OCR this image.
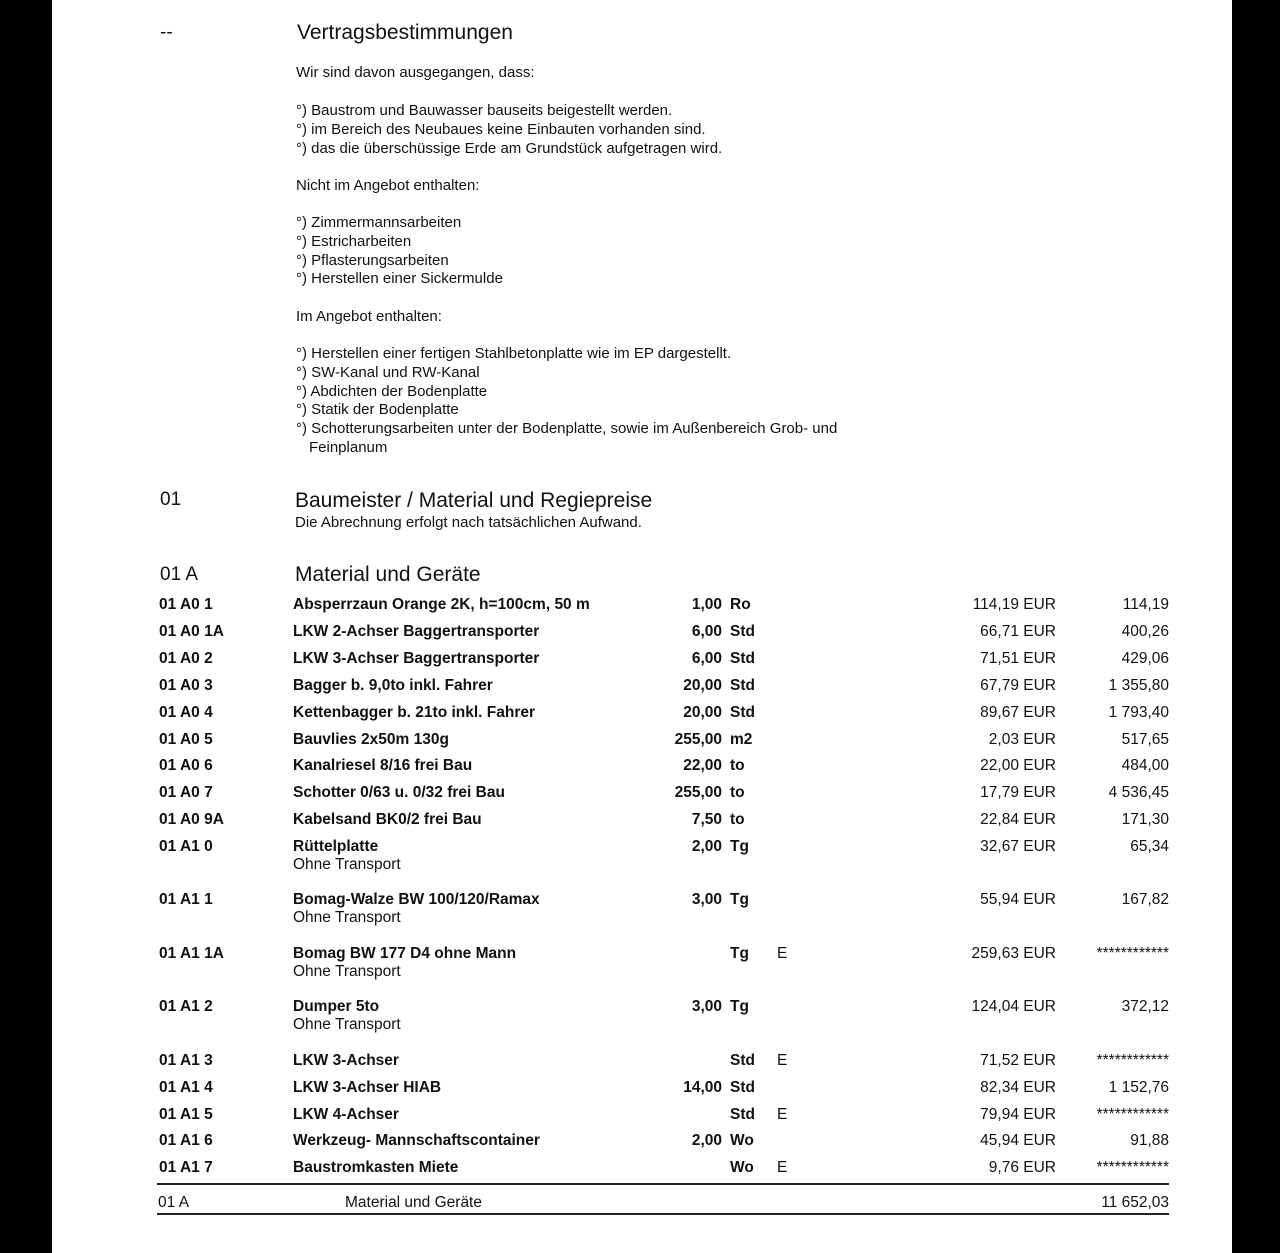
--	Vertragsbestimmungen
Wir sind davon ausgegangen, dass:
°) Baustrom und Bauwasser bauseits beigestellt werden.
°) im Bereich des Neubaues keine Einbauten vorhanden sind.
°) das die überschüssige Erde am Grundstück aufgetragen wird.
Nicht im Angebot enthalten:
°) Zimmermannsarbeiten
°) Estricharbeiten
°) Pflasterungsarbeiten
°) Herstellen einer Sickermulde
Im Angebot enthalten:
°) Herstellen einer fertigen Stahlbetonplatte wie im EP dargestellt.
°) SW-Kanal und RW-Kanal
°) Abdichten der Bodenplatte
°) Statik der Bodenplatte
°) Schotterungsarbeiten unter der Bodenplatte, sowie im Außenbereich Grob- und
Feinplanum
01	Baumeister / Material und Regiepreise
Die Abrechnung erfolgt nach tatsächlichen Aufwand.
01 A	Material und Geräte
01 A0 1	Absperrzaun Orange 2K, h=100cm, 50 m	1,00 Ro	114,19 EUR	114,19
01 A0 1A	LKW 2-Achser Baggertransporter	6,00 Std	66,71 EUR	400,26
01 A0 2	LKW 3-Achser Baggertransporter	6,00 Std	71,51 EUR	429,06
01 A0 3	Bagger b. 9,0to inkl. Fahrer	20,00 Std	67,79 EUR	1 355,80
01 A0 4	Kettenbagger b. 21to inkl. Fahrer	20,00 Std	89,67 EUR	1 793,40
01 A0 5	Bauvlies 2x50m 130g	255,00 m2	2,03 EUR	517,65
01 A0 6	Kanalriesel 8/16 frei Bau	22,00 to	22,00 EUR	484,00
01 A0 7	Schotter 0/63 u. 0/32 frei Bau	255,00 to	17,79 EUR	4 536,45
01 A0 9A	Kabelsand BK0/2 frei Bau	7,50 to	22,84 EUR	171,30
01 A1 0	Rüttelplatte	2,00 Tg	32,67 EUR	65,34
Ohne Transport
01 A1 1	Bomag-Walze BW 100/120/Ramax	3,00 Tg	55,94 EUR	167,82
Ohne Transport
01 A1 1A	Bomag BW 177 D4 ohne Mann	Tg E	259,63 EUR	************
Ohne Transport
01 A1 2	Dumper 5to	3,00 Tg	124,04 EUR	372,12
Ohne Transport
01 A1 3	LKW 3-Achser	Std E	71,52 EUR	************
01 A1 4	LKW 3-Achser HIAB	14,00 Std	82,34 EUR	1 152,76
01 A1 5	LKW 4-Achser	Std E	79,94 EUR	************
01 A1 6	Werkzeug- Mannschaftscontainer	2,00 Wo	45,94 EUR	91,88
01 A1 7	Baustromkasten Miete	Wo E	9,76 EUR	************
01 A	Material und Geräte	11 652,03
